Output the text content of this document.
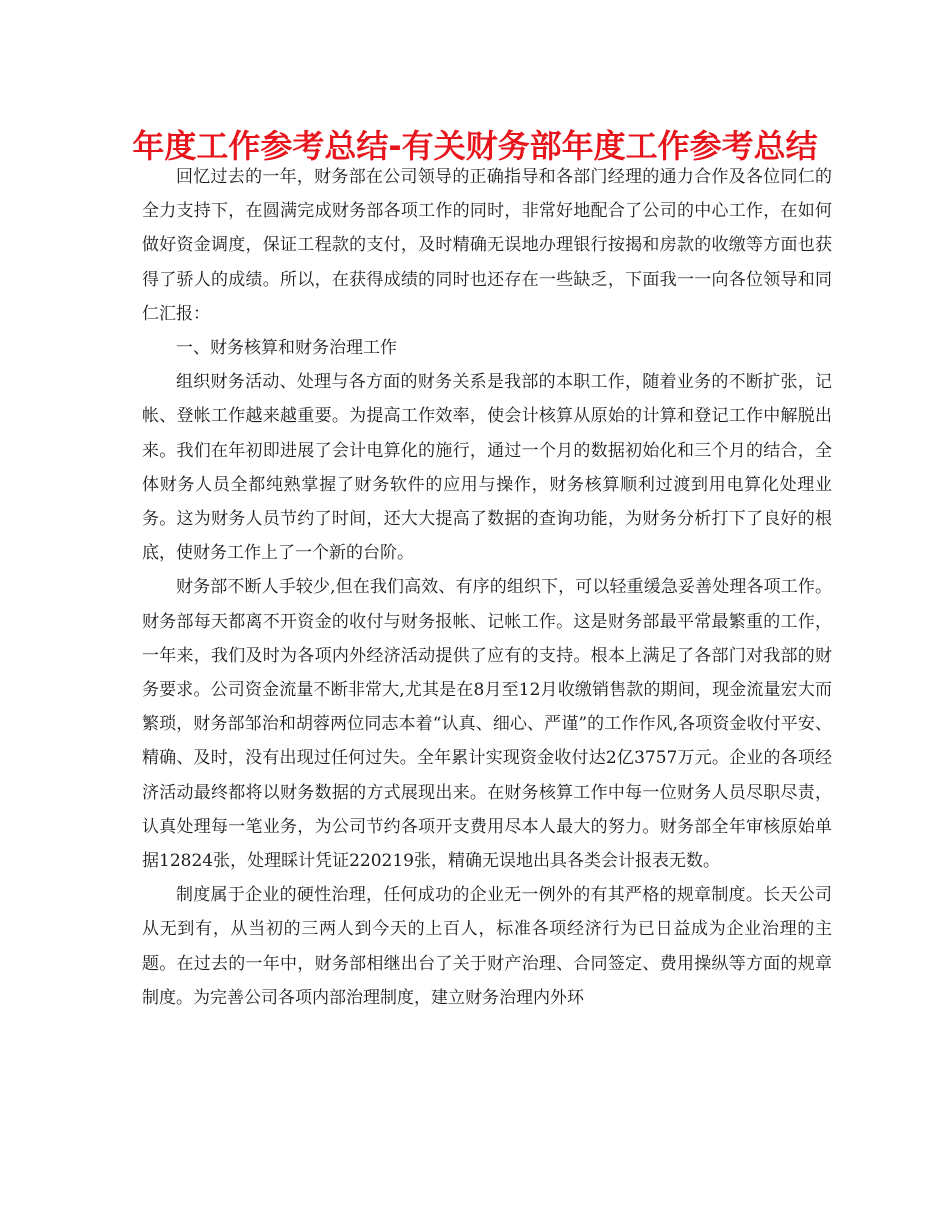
年度工作参考总结-有关财务部年度工作参考总结

回忆过去的一年，财务部在公司领导的正确指导和各部门经理的通力合作及各位同仁的全力支持下，在圆满完成财务部各项工作的同时，非常好地配合了公司的中心工作，在如何做好资金调度，保证工程款的支付，及时精确无误地办理银行按揭和房款的收缴等方面也获得了骄人的成绩。所以，在获得成绩的同时也还存在一些缺乏，下面我一一向各位领导和同仁汇报：

一、财务核算和财务治理工作

组织财务活动、处理与各方面的财务关系是我部的本职工作，随着业务的不断扩张，记帐、登帐工作越来越重要。为提高工作效率，使会计核算从原始的计算和登记工作中解脱出来。我们在年初即进展了会计电算化的施行，通过一个月的数据初始化和三个月的结合，全体财务人员全都纯熟掌握了财务软件的应用与操作，财务核算顺利过渡到用电算化处理业务。这为财务人员节约了时间，还大大提高了数据的查询功能，为财务分析打下了良好的根底，使财务工作上了一个新的台阶。

财务部不断人手较少,但在我们高效、有序的组织下，可以轻重缓急妥善处理各项工作。财务部每天都离不开资金的收付与财务报帐、记帐工作。这是财务部最平常最繁重的工作，一年来，我们及时为各项内外经济活动提供了应有的支持。根本上满足了各部门对我部的财务要求。公司资金流量不断非常大,尤其是在8月至12月收缴销售款的期间，现金流量宏大而繁琐，财务部邹治和胡蓉两位同志本着“认真、细心、严谨”的工作作风,各项资金收付平安、精确、及时，没有出现过任何过失。全年累计实现资金收付达2亿3757万元。企业的各项经济活动最终都将以财务数据的方式展现出来。在财务核算工作中每一位财务人员尽职尽责，认真处理每一笔业务，为公司节约各项开支费用尽本人最大的努力。财务部全年审核原始单据12824张，处理睬计凭证220219张，精确无误地出具各类会计报表无数。

制度属于企业的硬性治理，任何成功的企业无一例外的有其严格的规章制度。长天公司从无到有，从当初的三两人到今天的上百人，标准各项经济行为已日益成为企业治理的主题。在过去的一年中，财务部相继出台了关于财产治理、合同签定、费用操纵等方面的规章制度。为完善公司各项内部治理制度，建立财务治理内外环
